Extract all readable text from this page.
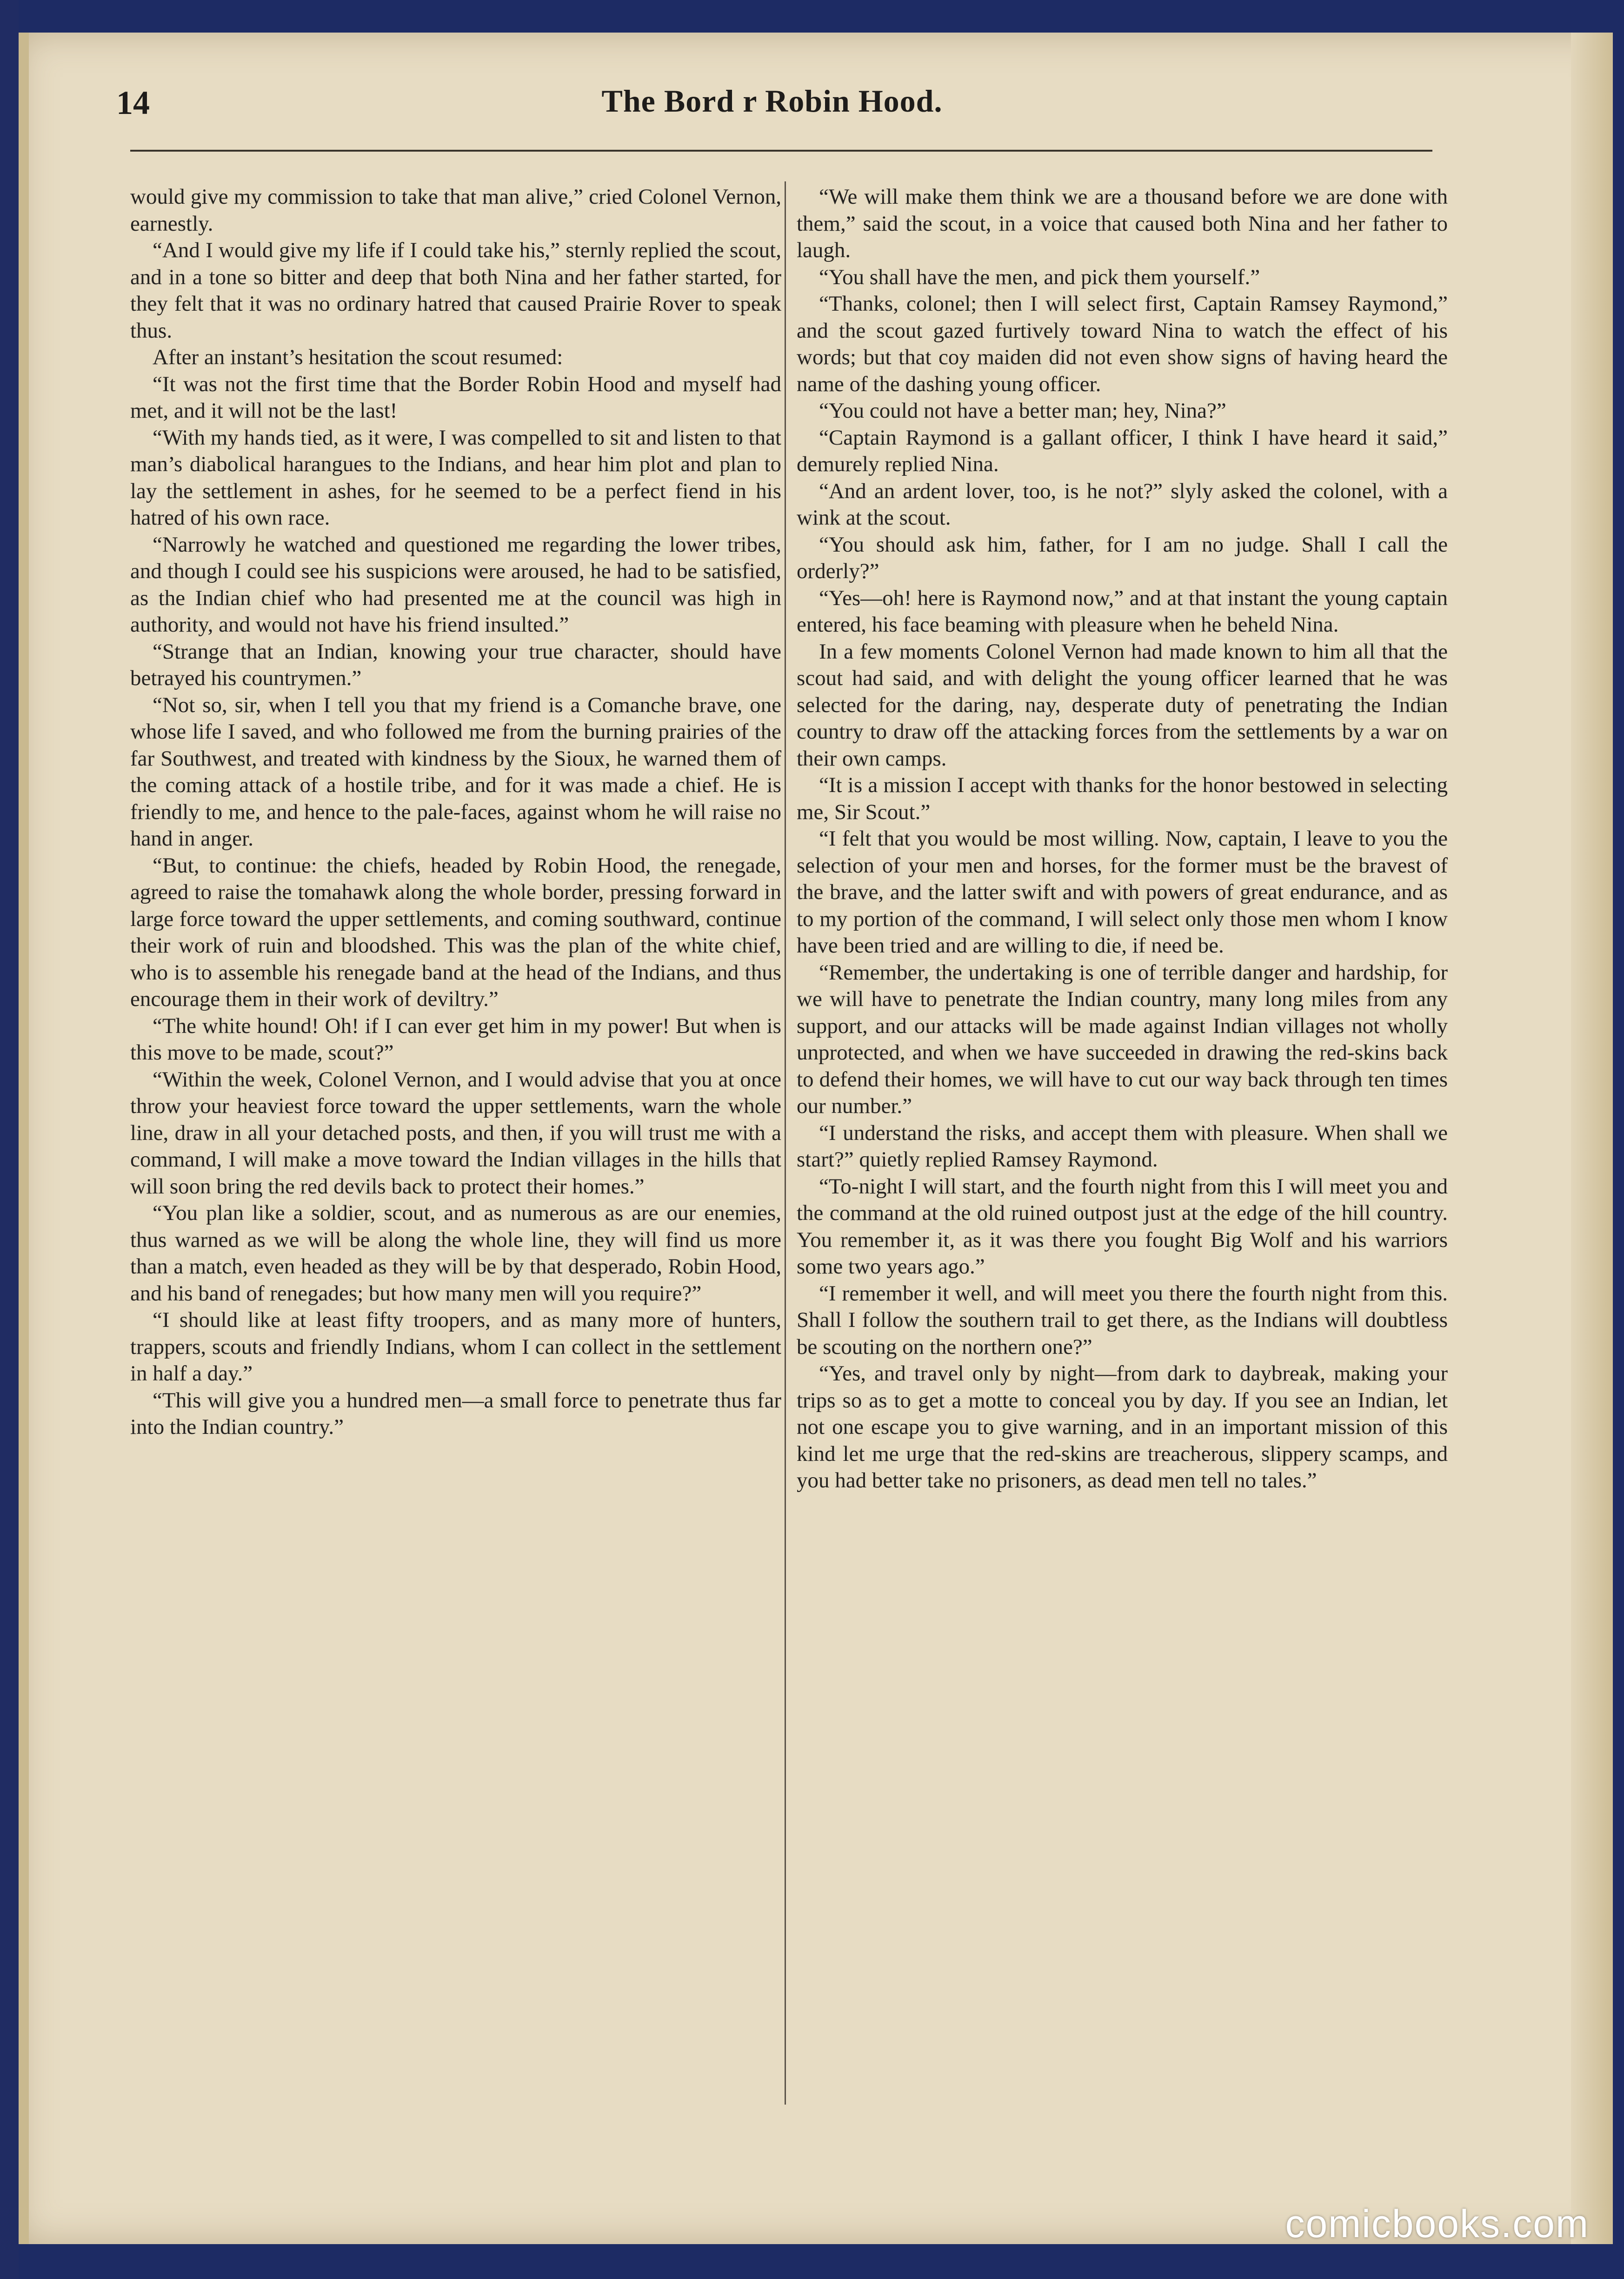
14	The Bord r Robin Hood.

would give my commission to take that man alive,” cried Colonel Vernon, earnestly.

“And I would give my life if I could take his,” sternly replied the scout, and in a tone so bitter and deep that both Nina and her father started, for they felt that it was no ordinary hatred that caused Prairie Rover to speak thus.

After an instant’s hesitation the scout resumed:

“It was not the first time that the Border Robin Hood and myself had met, and it will not be the last!

“With my hands tied, as it were, I was compelled to sit and listen to that man’s diabolical harangues to the Indians, and hear him plot and plan to lay the settlement in ashes, for he seemed to be a perfect fiend in his hatred of his own race.

“Narrowly he watched and questioned me regarding the lower tribes, and though I could see his suspicions were aroused, he had to be satisfied, as the Indian chief who had presented me at the council was high in authority, and would not have his friend insulted.”

“Strange that an Indian, knowing your true character, should have betrayed his countrymen.”

“Not so, sir, when I tell you that my friend is a Comanche brave, one whose life I saved, and who followed me from the burning prairies of the far Southwest, and treated with kindness by the Sioux, he warned them of the coming attack of a hostile tribe, and for it was made a chief. He is friendly to me, and hence to the pale-faces, against whom he will raise no hand in anger.

“But, to continue: the chiefs, headed by Robin Hood, the renegade, agreed to raise the tomahawk along the whole border, pressing forward in large force toward the upper settlements, and coming southward, continue their work of ruin and bloodshed. This was the plan of the white chief, who is to assemble his renegade band at the head of the Indians, and thus encourage them in their work of deviltry.”

“The white hound! Oh! if I can ever get him in my power! But when is this move to be made, scout?”

“Within the week, Colonel Vernon, and I would advise that you at once throw your heaviest force toward the upper settlements, warn the whole line, draw in all your detached posts, and then, if you will trust me with a command, I will make a move toward the Indian villages in the hills that will soon bring the red devils back to protect their homes.”

“You plan like a soldier, scout, and as numerous as are our enemies, thus warned as we will be along the whole line, they will find us more than a match, even headed as they will be by that desperado, Robin Hood, and his band of renegades; but how many men will you require?”

“I should like at least fifty troopers, and as many more of hunters, trappers, scouts and friendly Indians, whom I can collect in the settlement in half a day.”

“This will give you a hundred men—a small force to penetrate thus far into the Indian country.”

“We will make them think we are a thousand before we are done with them,” said the scout, in a voice that caused both Nina and her father to laugh.

“You shall have the men, and pick them yourself.”

“Thanks, colonel; then I will select first, Captain Ramsey Raymond,” and the scout gazed furtively toward Nina to watch the effect of his words; but that coy maiden did not even show signs of having heard the name of the dashing young officer.

“You could not have a better man; hey, Nina?”

“Captain Raymond is a gallant officer, I think I have heard it said,” demurely replied Nina.

“And an ardent lover, too, is he not?” slyly asked the colonel, with a wink at the scout.

“You should ask him, father, for I am no judge. Shall I call the orderly?”

“Yes—oh! here is Raymond now,” and at that instant the young captain entered, his face beaming with pleasure when he beheld Nina.

In a few moments Colonel Vernon had made known to him all that the scout had said, and with delight the young officer learned that he was selected for the daring, nay, desperate duty of penetrating the Indian country to draw off the attacking forces from the settlements by a war on their own camps.

“It is a mission I accept with thanks for the honor bestowed in selecting me, Sir Scout.”

“I felt that you would be most willing. Now, captain, I leave to you the selection of your men and horses, for the former must be the bravest of the brave, and the latter swift and with powers of great endurance, and as to my portion of the command, I will select only those men whom I know have been tried and are willing to die, if need be.

“Remember, the undertaking is one of terrible danger and hardship, for we will have to penetrate the Indian country, many long miles from any support, and our attacks will be made against Indian villages not wholly unprotected, and when we have succeeded in drawing the red-skins back to defend their homes, we will have to cut our way back through ten times our number.”

“I understand the risks, and accept them with pleasure. When shall we start?” quietly replied Ramsey Raymond.

“To-night I will start, and the fourth night from this I will meet you and the command at the old ruined outpost just at the edge of the hill country. You remember it, as it was there you fought Big Wolf and his warriors some two years ago.”

“I remember it well, and will meet you there the fourth night from this. Shall I follow the southern trail to get there, as the Indians will doubtless be scouting on the northern one?”

“Yes, and travel only by night—from dark to daybreak, making your trips so as to get a motte to conceal you by day. If you see an Indian, let not one escape you to give warning, and in an important mission of this kind let me urge that the red-skins are treacherous, slippery scamps, and you had better take no prisoners, as dead men tell no tales.”

comicbooks.com
